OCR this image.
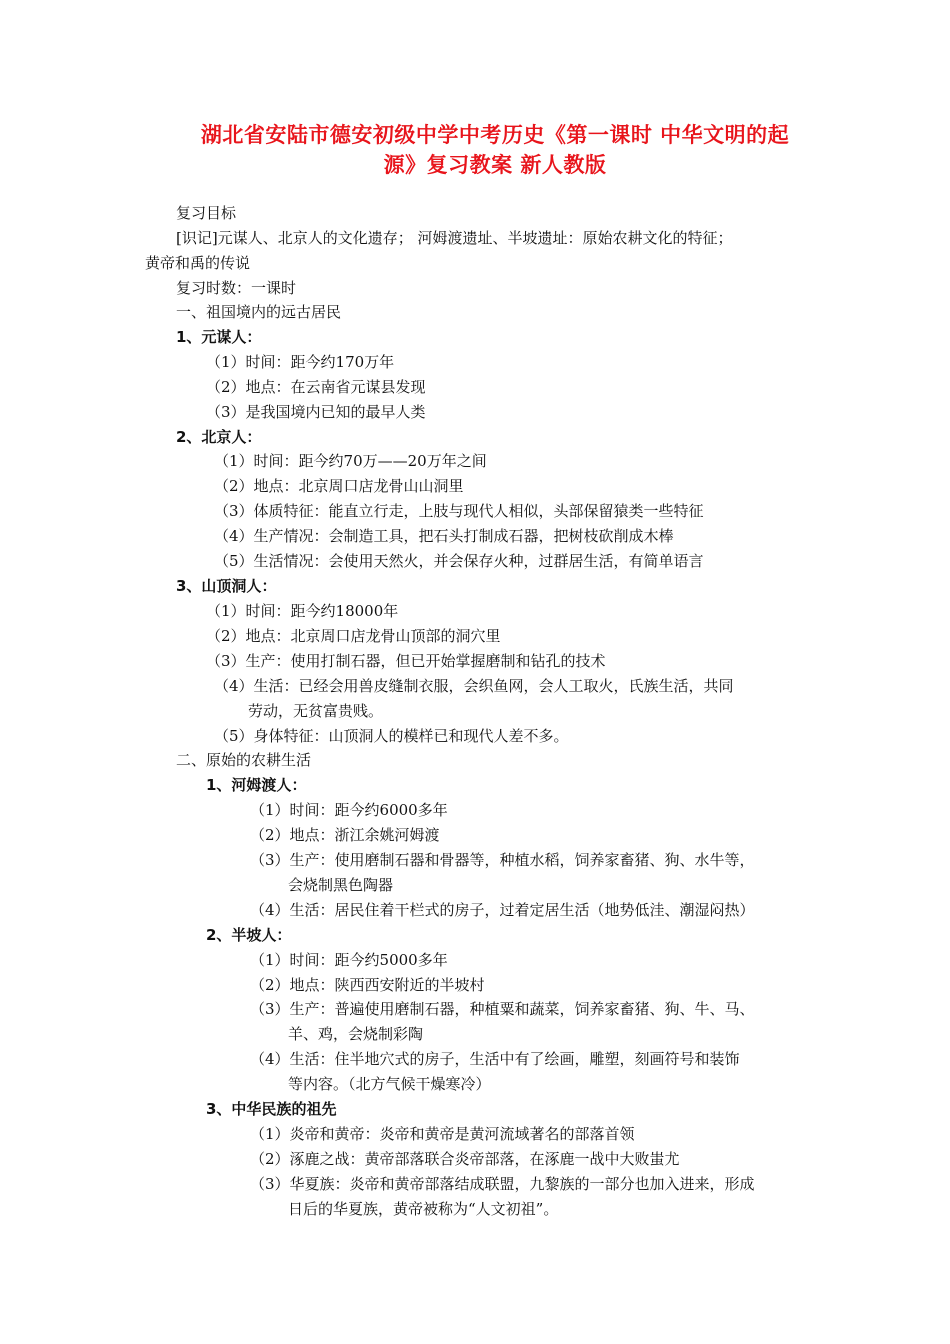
湖北省安陆市德安初级中学中考历史《第一课时 中华文明的起
源》复习教案 新人教版
复习目标
[识记]元谋人、北京人的文化遗存； 河姆渡遗址、半坡遗址：原始农耕文化的特征；
黄帝和禹的传说
复习时数：一课时
一、祖国境内的远古居民
1、元谋人：
（1）时间：距今约170万年
（2）地点：在云南省元谋县发现
（3）是我国境内已知的最早人类
2、北京人：
（1）时间：距今约70万——20万年之间
（2）地点：北京周口店龙骨山山洞里
（3）体质特征：能直立行走，上肢与现代人相似，头部保留猿类一些特征
（4）生产情况：会制造工具，把石头打制成石器，把树枝砍削成木棒
（5）生活情况：会使用天然火，并会保存火种，过群居生活，有简单语言
3、山顶洞人：
（1）时间：距今约18000年
（2）地点：北京周口店龙骨山顶部的洞穴里
（3）生产：使用打制石器，但已开始掌握磨制和钻孔的技术
（4）生活：已经会用兽皮缝制衣服，会织鱼网，会人工取火，氏族生活，共同
劳动，无贫富贵贱。
（5）身体特征：山顶洞人的模样已和现代人差不多。
二、原始的农耕生活
1、河姆渡人：
（1）时间：距今约6000多年
（2）地点：浙江余姚河姆渡
（3）生产：使用磨制石器和骨器等，种植水稻，饲养家畜猪、狗、水牛等，
会烧制黑色陶器
（4）生活：居民住着干栏式的房子，过着定居生活（地势低洼、潮湿闷热）
2、半坡人：
（1）时间：距今约5000多年
（2）地点：陕西西安附近的半坡村
（3）生产：普遍使用磨制石器，种植粟和蔬菜，饲养家畜猪、狗、牛、马、
羊、鸡，会烧制彩陶
（4）生活：住半地穴式的房子，生活中有了绘画，雕塑，刻画符号和装饰
等内容。（北方气候干燥寒冷）
3、中华民族的祖先
（1）炎帝和黄帝：炎帝和黄帝是黄河流域著名的部落首领
（2）涿鹿之战：黄帝部落联合炎帝部落，在涿鹿一战中大败蚩尤
（3）华夏族：炎帝和黄帝部落结成联盟，九黎族的一部分也加入进来，形成
日后的华夏族，黄帝被称为“人文初祖”。
